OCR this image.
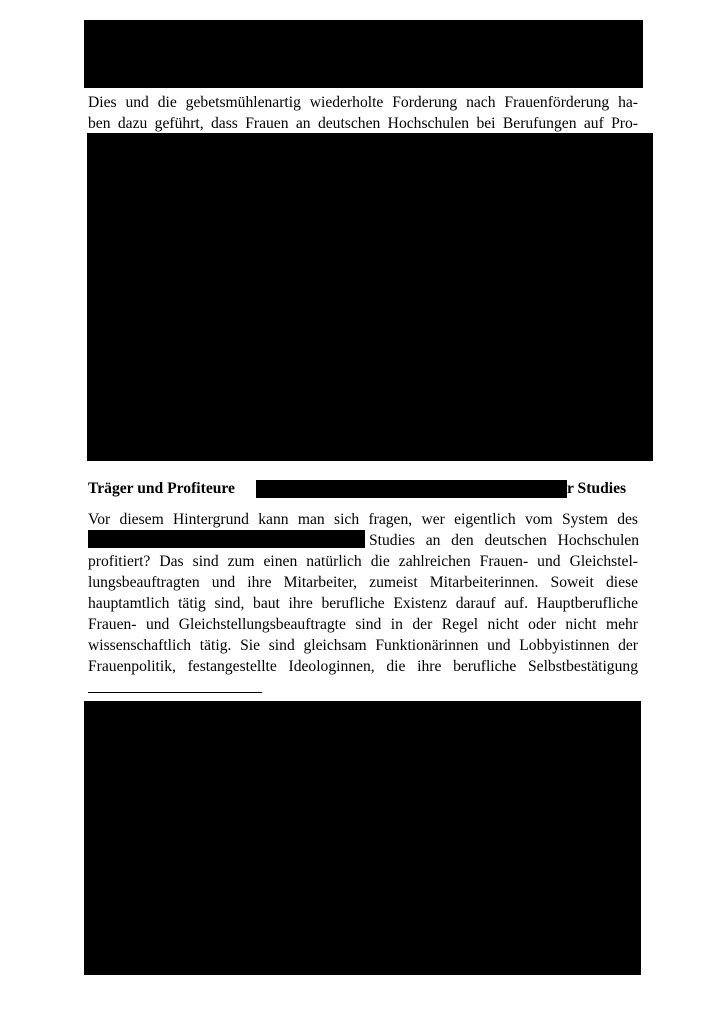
Dies und die gebetsmühlenartig wiederholte Forderung nach Frauenförderung ha-
ben dazu geführt, dass Frauen an deutschen Hochschulen bei Berufungen auf Pro-
Träger und Profiteure	r Studies
Vor diesem Hintergrund kann man sich fragen, wer eigentlich vom System des
Studies an den deutschen Hochschulen
profitiert? Das sind zum einen natürlich die zahlreichen Frauen- und Gleichstel-
lungsbeauftragten und ihre Mitarbeiter, zumeist Mitarbeiterinnen. Soweit diese
hauptamtlich tätig sind, baut ihre berufliche Existenz darauf auf. Hauptberufliche
Frauen- und Gleichstellungsbeauftragte sind in der Regel nicht oder nicht mehr
wissenschaftlich tätig. Sie sind gleichsam Funktionärinnen und Lobbyistinnen der
Frauenpolitik, festangestellte Ideologinnen, die ihre berufliche Selbstbestätigung
